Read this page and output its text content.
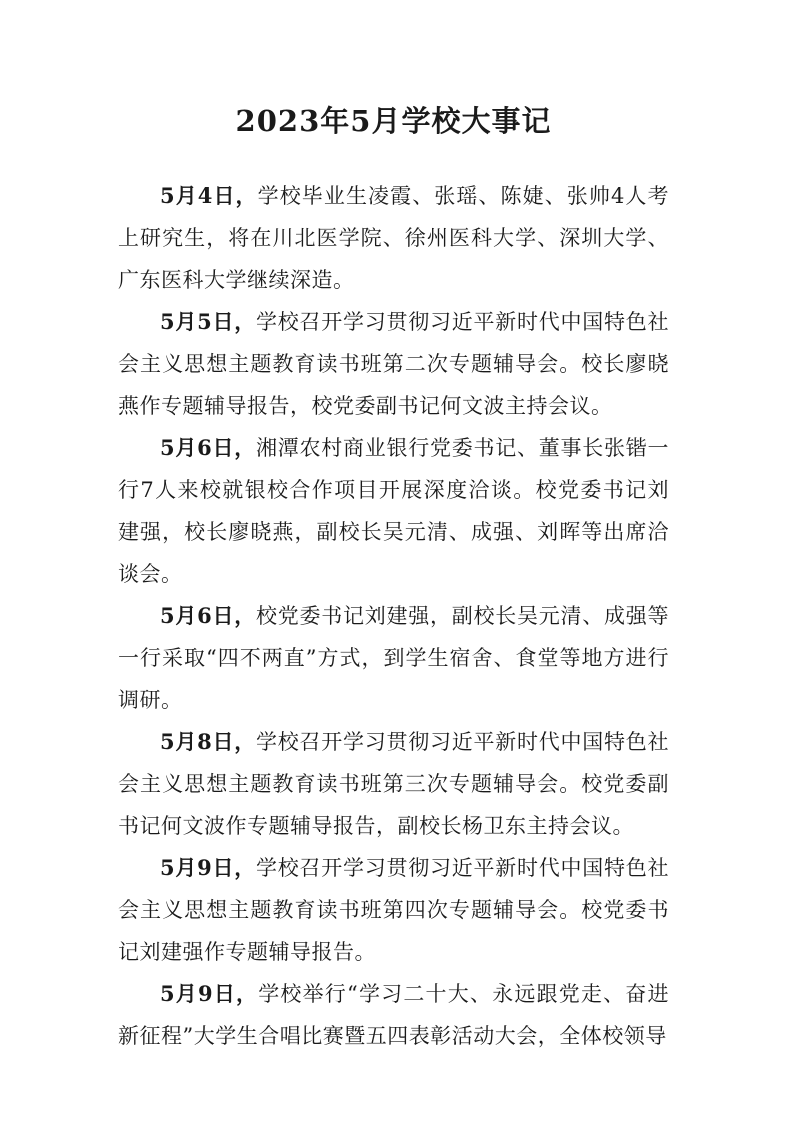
2023年5月学校大事记

5月4日，学校毕业生凌霞、张瑶、陈婕、张帅4人考上研究生，将在川北医学院、徐州医科大学、深圳大学、广东医科大学继续深造。

5月5日，学校召开学习贯彻习近平新时代中国特色社会主义思想主题教育读书班第二次专题辅导会。校长廖晓燕作专题辅导报告，校党委副书记何文波主持会议。

5月6日，湘潭农村商业银行党委书记、董事长张锴一行7人来校就银校合作项目开展深度洽谈。校党委书记刘建强，校长廖晓燕，副校长吴元清、成强、刘晖等出席洽谈会。

5月6日，校党委书记刘建强，副校长吴元清、成强等一行采取“四不两直”方式，到学生宿舍、食堂等地方进行调研。

5月8日，学校召开学习贯彻习近平新时代中国特色社会主义思想主题教育读书班第三次专题辅导会。校党委副书记何文波作专题辅导报告，副校长杨卫东主持会议。

5月9日，学校召开学习贯彻习近平新时代中国特色社会主义思想主题教育读书班第四次专题辅导会。校党委书记刘建强作专题辅导报告。

5月9日，学校举行“学习二十大、永远跟党走、奋进新征程”大学生合唱比赛暨五四表彰活动大会，全体校领导
